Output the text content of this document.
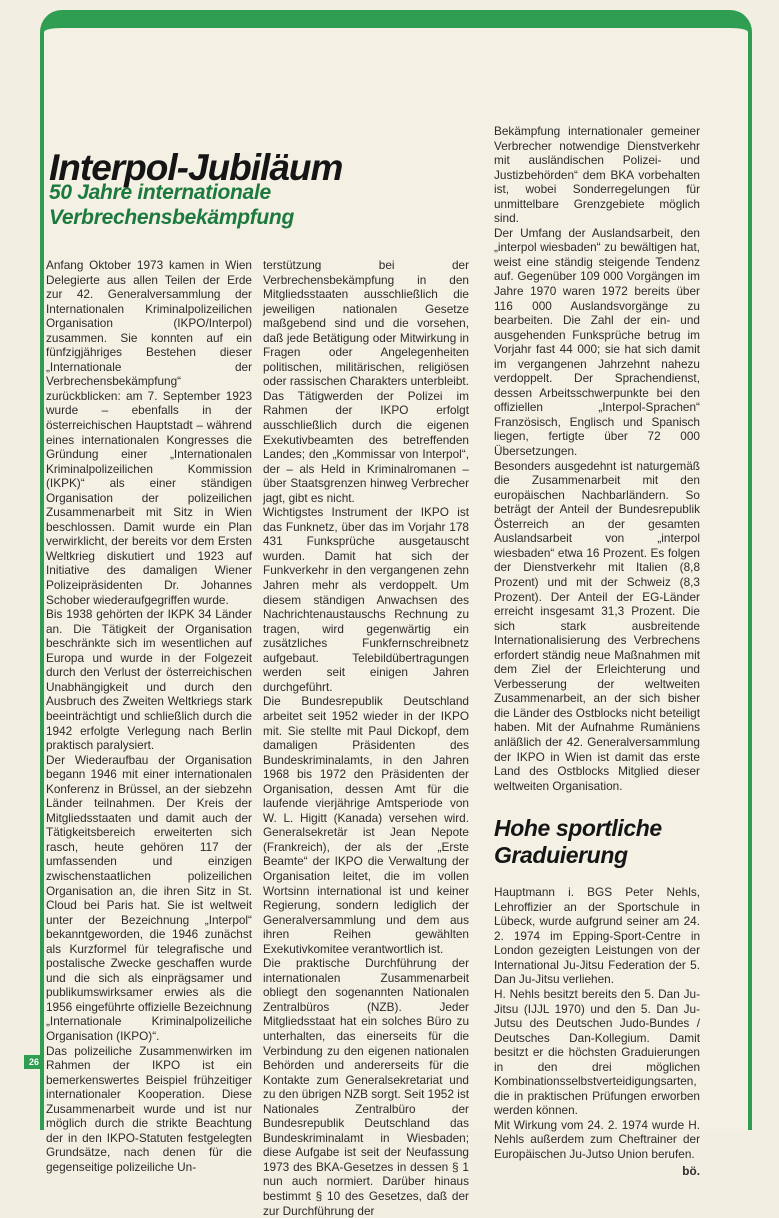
Interpol-Jubiläum
50 Jahre internationale
Verbrechensbekämpfung

Anfang Oktober 1973 kamen in Wien Delegierte aus allen Teilen der Erde zur 42. Generalversammlung der Internationalen Kriminalpolizeilichen Organisation (IKPO/Interpol) zusammen. Sie konnten auf ein fünfzigjähriges Bestehen dieser „Internationale der Verbrechensbekämpfung“ zurückblicken: am 7. September 1923 wurde – ebenfalls in der österreichischen Hauptstadt – während eines internationalen Kongresses die Gründung einer „Internationalen Kriminalpolizeilichen Kommission (IKPK)“ als einer ständigen Organisation der polizeilichen Zusammenarbeit mit Sitz in Wien beschlossen. Damit wurde ein Plan verwirklicht, der bereits vor dem Ersten Weltkrieg diskutiert und 1923 auf Initiative des damaligen Wiener Polizeipräsidenten Dr. Johannes Schober wiederaufgegriffen wurde.

Bis 1938 gehörten der IKPK 34 Länder an. Die Tätigkeit der Organisation beschränkte sich im wesentlichen auf Europa und wurde in der Folgezeit durch den Verlust der österreichischen Unabhängigkeit und durch den Ausbruch des Zweiten Weltkriegs stark beeinträchtigt und schließlich durch die 1942 erfolgte Verlegung nach Berlin praktisch paralysiert.

Der Wiederaufbau der Organisation begann 1946 mit einer internationalen Konferenz in Brüssel, an der siebzehn Länder teilnahmen. Der Kreis der Mitgliedsstaaten und damit auch der Tätigkeitsbereich erweiterten sich rasch, heute gehören 117 der umfassenden und einzigen zwischenstaatlichen polizeilichen Organisation an, die ihren Sitz in St. Cloud bei Paris hat. Sie ist weltweit unter der Bezeichnung „Interpol“ bekanntgeworden, die 1946 zunächst als Kurzformel für telegrafische und postalische Zwecke geschaffen wurde und die sich als einprägsamer und publikumswirksamer erwies als die 1956 eingeführte offizielle Bezeichnung „Internationale Kriminalpolizeiliche Organisation (IKPO)“.

Das polizeiliche Zusammenwirken im Rahmen der IKPO ist ein bemerkenswertes Beispiel frühzeitiger internationaler Kooperation. Diese Zusammenarbeit wurde und ist nur möglich durch die strikte Beachtung der in den IKPO-Statuten festgelegten Grundsätze, nach denen für die gegenseitige polizeiliche Un-

terstützung bei der Verbrechensbekämpfung in den Mitgliedsstaaten ausschließlich die jeweiligen nationalen Gesetze maßgebend sind und die vorsehen, daß jede Betätigung oder Mitwirkung in Fragen oder Angelegenheiten politischen, militärischen, religiösen oder rassischen Charakters unterbleibt. Das Tätigwerden der Polizei im Rahmen der IKPO erfolgt ausschließlich durch die eigenen Exekutivbeamten des betreffenden Landes; den „Kommissar von Interpol“, der – als Held in Kriminalromanen – über Staatsgrenzen hinweg Verbrecher jagt, gibt es nicht.

Wichtigstes Instrument der IKPO ist das Funknetz, über das im Vorjahr 178 431 Funksprüche ausgetauscht wurden. Damit hat sich der Funkverkehr in den vergangenen zehn Jahren mehr als verdoppelt. Um diesem ständigen Anwachsen des Nachrichtenaustauschs Rechnung zu tragen, wird gegenwärtig ein zusätzliches Funkfernschreibnetz aufgebaut. Telebildübertragungen werden seit einigen Jahren durchgeführt.

Die Bundesrepublik Deutschland arbeitet seit 1952 wieder in der IKPO mit. Sie stellte mit Paul Dickopf, dem damaligen Präsidenten des Bundeskriminalamts, in den Jahren 1968 bis 1972 den Präsidenten der Organisation, dessen Amt für die laufende vierjährige Amtsperiode von W. L. Higitt (Kanada) versehen wird. Generalsekretär ist Jean Nepote (Frankreich), der als der „Erste Beamte“ der IKPO die Verwaltung der Organisation leitet, die im vollen Wortsinn international ist und keiner Regierung, sondern lediglich der Generalversammlung und dem aus ihren Reihen gewählten Exekutivkomitee verantwortlich ist.

Die praktische Durchführung der internationalen Zusammenarbeit obliegt den sogenannten Nationalen Zentralbüros (NZB). Jeder Mitgliedsstaat hat ein solches Büro zu unterhalten, das einerseits für die Verbindung zu den eigenen nationalen Behörden und andererseits für die Kontakte zum Generalsekretariat und zu den übrigen NZB sorgt. Seit 1952 ist Nationales Zentralbüro der Bundesrepublik Deutschland das Bundeskriminalamt in Wiesbaden; diese Aufgabe ist seit der Neufassung 1973 des BKA-Gesetzes in dessen § 1 nun auch normiert. Darüber hinaus bestimmt § 10 des Gesetzes, daß der zur Durchführung der

Bekämpfung internationaler gemeiner Verbrecher notwendige Dienstverkehr mit ausländischen Polizei- und Justizbehörden“ dem BKA vorbehalten ist, wobei Sonderregelungen für unmittelbare Grenzgebiete möglich sind.

Der Umfang der Auslandsarbeit, den „interpol wiesbaden“ zu bewältigen hat, weist eine ständig steigende Tendenz auf. Gegenüber 109 000 Vorgängen im Jahre 1970 waren 1972 bereits über 116 000 Auslandsvorgänge zu bearbeiten. Die Zahl der ein- und ausgehenden Funksprüche betrug im Vorjahr fast 44 000; sie hat sich damit im vergangenen Jahrzehnt nahezu verdoppelt. Der Sprachendienst, dessen Arbeitsschwerpunkte bei den offiziellen „Interpol-Sprachen“ Französisch, Englisch und Spanisch liegen, fertigte über 72 000 Übersetzungen.

Besonders ausgedehnt ist naturgemäß die Zusammenarbeit mit den europäischen Nachbarländern. So beträgt der Anteil der Bundesrepublik Österreich an der gesamten Auslandsarbeit von „interpol wiesbaden“ etwa 16 Prozent. Es folgen der Dienstverkehr mit Italien (8,8 Prozent) und mit der Schweiz (8,3 Prozent). Der Anteil der EG-Länder erreicht insgesamt 31,3 Prozent. Die sich stark ausbreitende Internationalisierung des Verbrechens erfordert ständig neue Maßnahmen mit dem Ziel der Erleichterung und Verbesserung der weltweiten Zusammenarbeit, an der sich bisher die Länder des Ostblocks nicht beteiligt haben. Mit der Aufnahme Rumäniens anläßlich der 42. Generalversammlung der IKPO in Wien ist damit das erste Land des Ostblocks Mitglied dieser weltweiten Organisation.

Hohe sportliche
Graduierung

Hauptmann i. BGS Peter Nehls, Lehroffizier an der Sportschule in Lübeck, wurde aufgrund seiner am 24. 2. 1974 im Epping-Sport-Centre in London gezeigten Leistungen von der International Ju-Jitsu Federation der 5. Dan Ju-Jitsu verliehen.

H. Nehls besitzt bereits den 5. Dan Ju-Jitsu (IJJL 1970) und den 5. Dan Ju-Jutsu des Deutschen Judo-Bundes / Deutsches Dan-Kollegium. Damit besitzt er die höchsten Graduierungen in den drei möglichen Kombinationsselbstverteidigungsarten, die in praktischen Prüfungen erworben werden können.

Mit Wirkung vom 24. 2. 1974 wurde H. Nehls außerdem zum Cheftrainer der Europäischen Ju-Jutso Union berufen.

bö.
26
